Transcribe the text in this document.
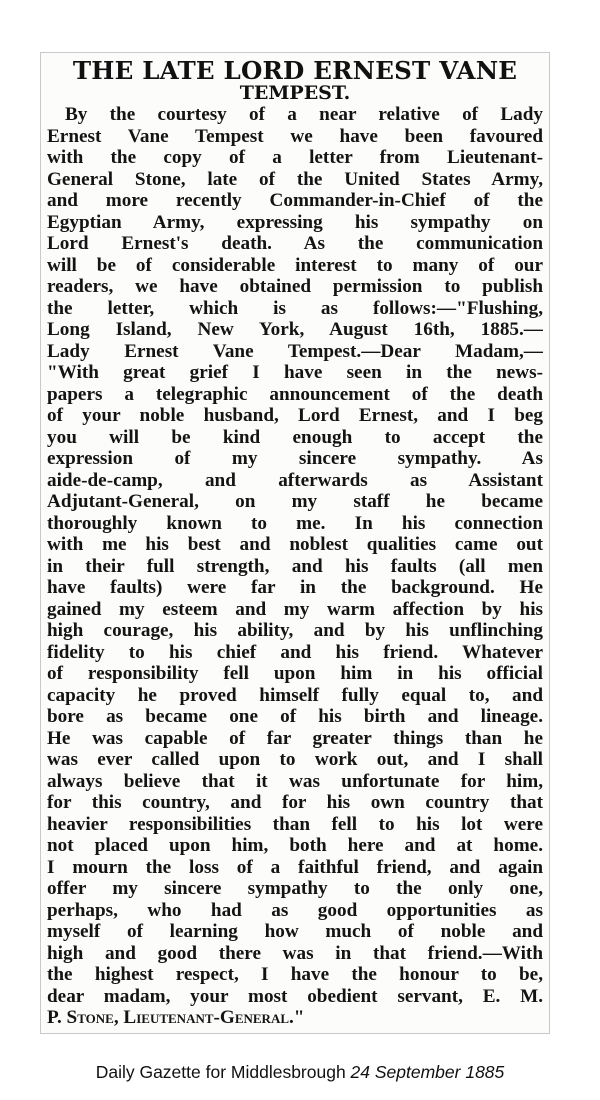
THE LATE LORD ERNEST VANE
TEMPEST.
By the courtesy of a near relative of Lady
Ernest Vane Tempest we have been favoured
with the copy of a letter from Lieutenant-
General Stone, late of the United States Army,
and more recently Commander-in-Chief of the
Egyptian Army, expressing his sympathy on
Lord Ernest's death. As the communication
will be of considerable interest to many of our
readers, we have obtained permission to publish
the letter, which is as follows:—"Flushing,
Long Island, New York, August 16th, 1885.—
Lady Ernest Vane Tempest.—Dear Madam,—
"With great grief I have seen in the news-
papers a telegraphic announcement of the death
of your noble husband, Lord Ernest, and I beg
you will be kind enough to accept the
expression of my sincere sympathy. As
aide-de-camp, and afterwards as Assistant
Adjutant-General, on my staff he became
thoroughly known to me. In his connection
with me his best and noblest qualities came out
in their full strength, and his faults (all men
have faults) were far in the background. He
gained my esteem and my warm affection by his
high courage, his ability, and by his unflinching
fidelity to his chief and his friend. Whatever
of responsibility fell upon him in his official
capacity he proved himself fully equal to, and
bore as became one of his birth and lineage.
He was capable of far greater things than he
was ever called upon to work out, and I shall
always believe that it was unfortunate for him,
for this country, and for his own country that
heavier responsibilities than fell to his lot were
not placed upon him, both here and at home.
I mourn the loss of a faithful friend, and again
offer my sincere sympathy to the only one,
perhaps, who had as good opportunities as
myself of learning how much of noble and
high and good there was in that friend.—With
the highest respect, I have the honour to be,
dear madam, your most obedient servant, E. M.
P. Stone, Lieutenant-General."
Daily Gazette for Middlesbrough 24 September 1885
